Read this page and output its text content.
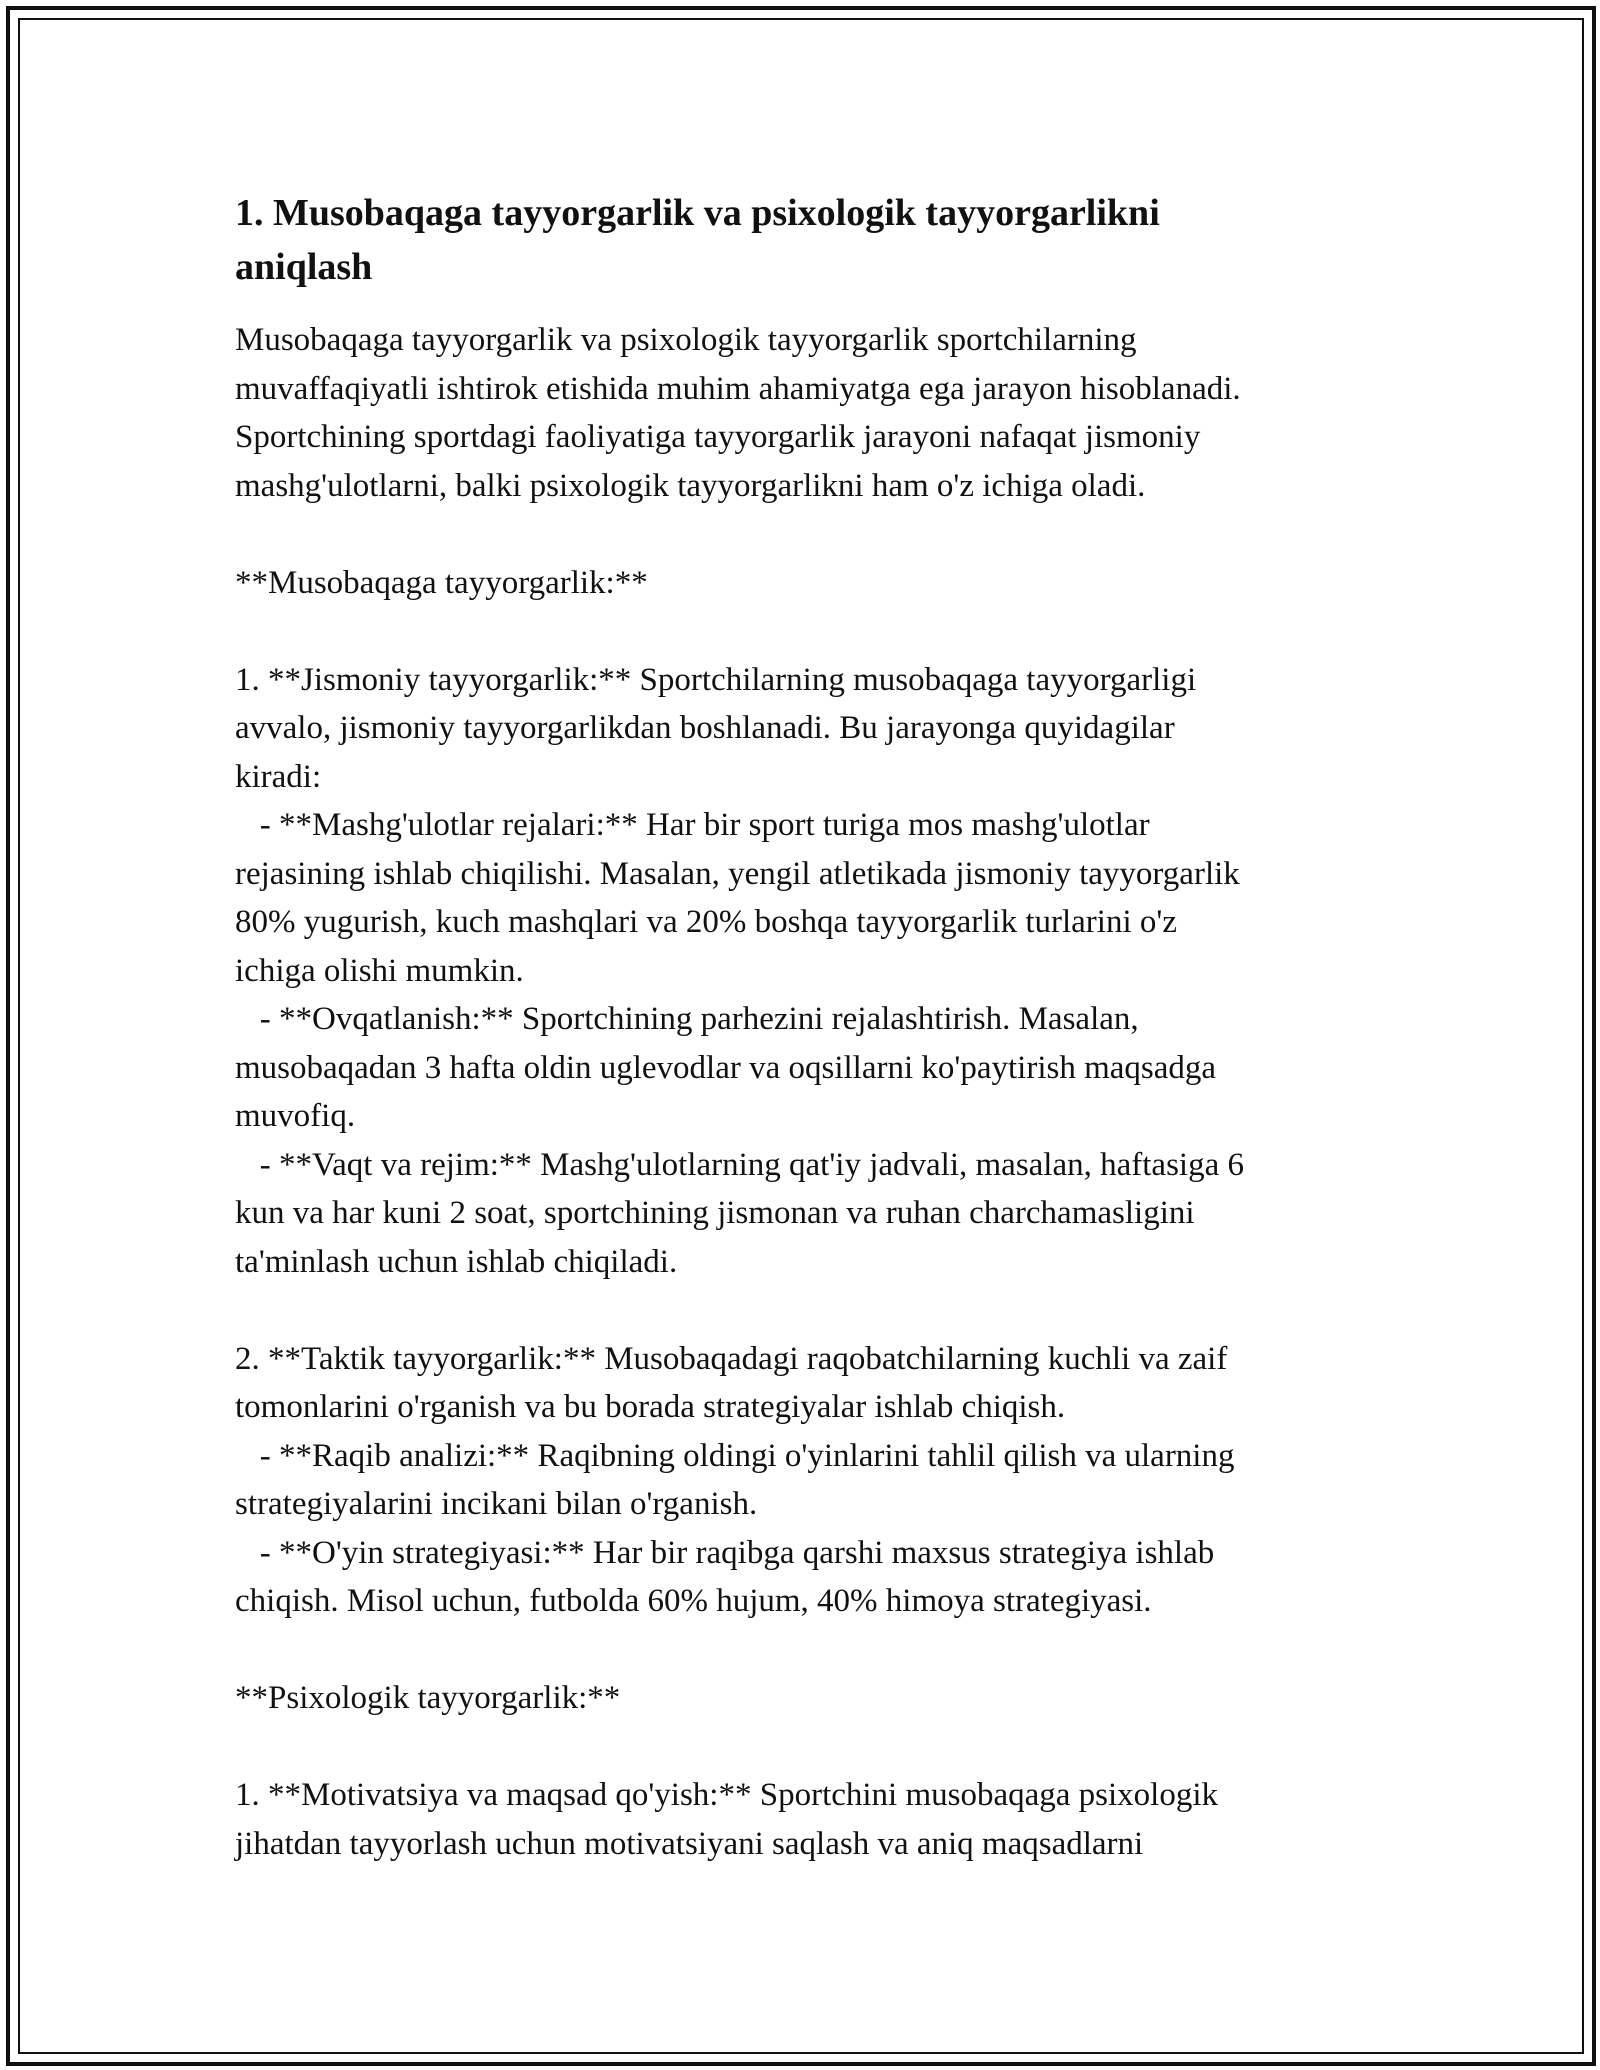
1. Musobaqaga tayyorgarlik va psixologik tayyorgarlikni
aniqlash
Musobaqaga tayyorgarlik va psixologik tayyorgarlik sportchilarning
muvaffaqiyatli ishtirok etishida muhim ahamiyatga ega jarayon hisoblanadi.
Sportchining sportdagi faoliyatiga tayyorgarlik jarayoni nafaqat jismoniy
mashg'ulotlarni, balki psixologik tayyorgarlikni ham o'z ichiga oladi.
**Musobaqaga tayyorgarlik:**
1. **Jismoniy tayyorgarlik:** Sportchilarning musobaqaga tayyorgarligi
avvalo, jismoniy tayyorgarlikdan boshlanadi. Bu jarayonga quyidagilar
kiradi:
- **Mashg'ulotlar rejalari:** Har bir sport turiga mos mashg'ulotlar
rejasining ishlab chiqilishi. Masalan, yengil atletikada jismoniy tayyorgarlik
80% yugurish, kuch mashqlari va 20% boshqa tayyorgarlik turlarini o'z
ichiga olishi mumkin.
- **Ovqatlanish:** Sportchining parhezini rejalashtirish. Masalan,
musobaqadan 3 hafta oldin uglevodlar va oqsillarni ko'paytirish maqsadga
muvofiq.
- **Vaqt va rejim:** Mashg'ulotlarning qat'iy jadvali, masalan, haftasiga 6
kun va har kuni 2 soat, sportchining jismonan va ruhan charchamasligini
ta'minlash uchun ishlab chiqiladi.
2. **Taktik tayyorgarlik:** Musobaqadagi raqobatchilarning kuchli va zaif
tomonlarini o'rganish va bu borada strategiyalar ishlab chiqish.
- **Raqib analizi:** Raqibning oldingi o'yinlarini tahlil qilish va ularning
strategiyalarini incikani bilan o'rganish.
- **O'yin strategiyasi:** Har bir raqibga qarshi maxsus strategiya ishlab
chiqish. Misol uchun, futbolda 60% hujum, 40% himoya strategiyasi.
**Psixologik tayyorgarlik:**
1. **Motivatsiya va maqsad qo'yish:** Sportchini musobaqaga psixologik
jihatdan tayyorlash uchun motivatsiyani saqlash va aniq maqsadlarni
